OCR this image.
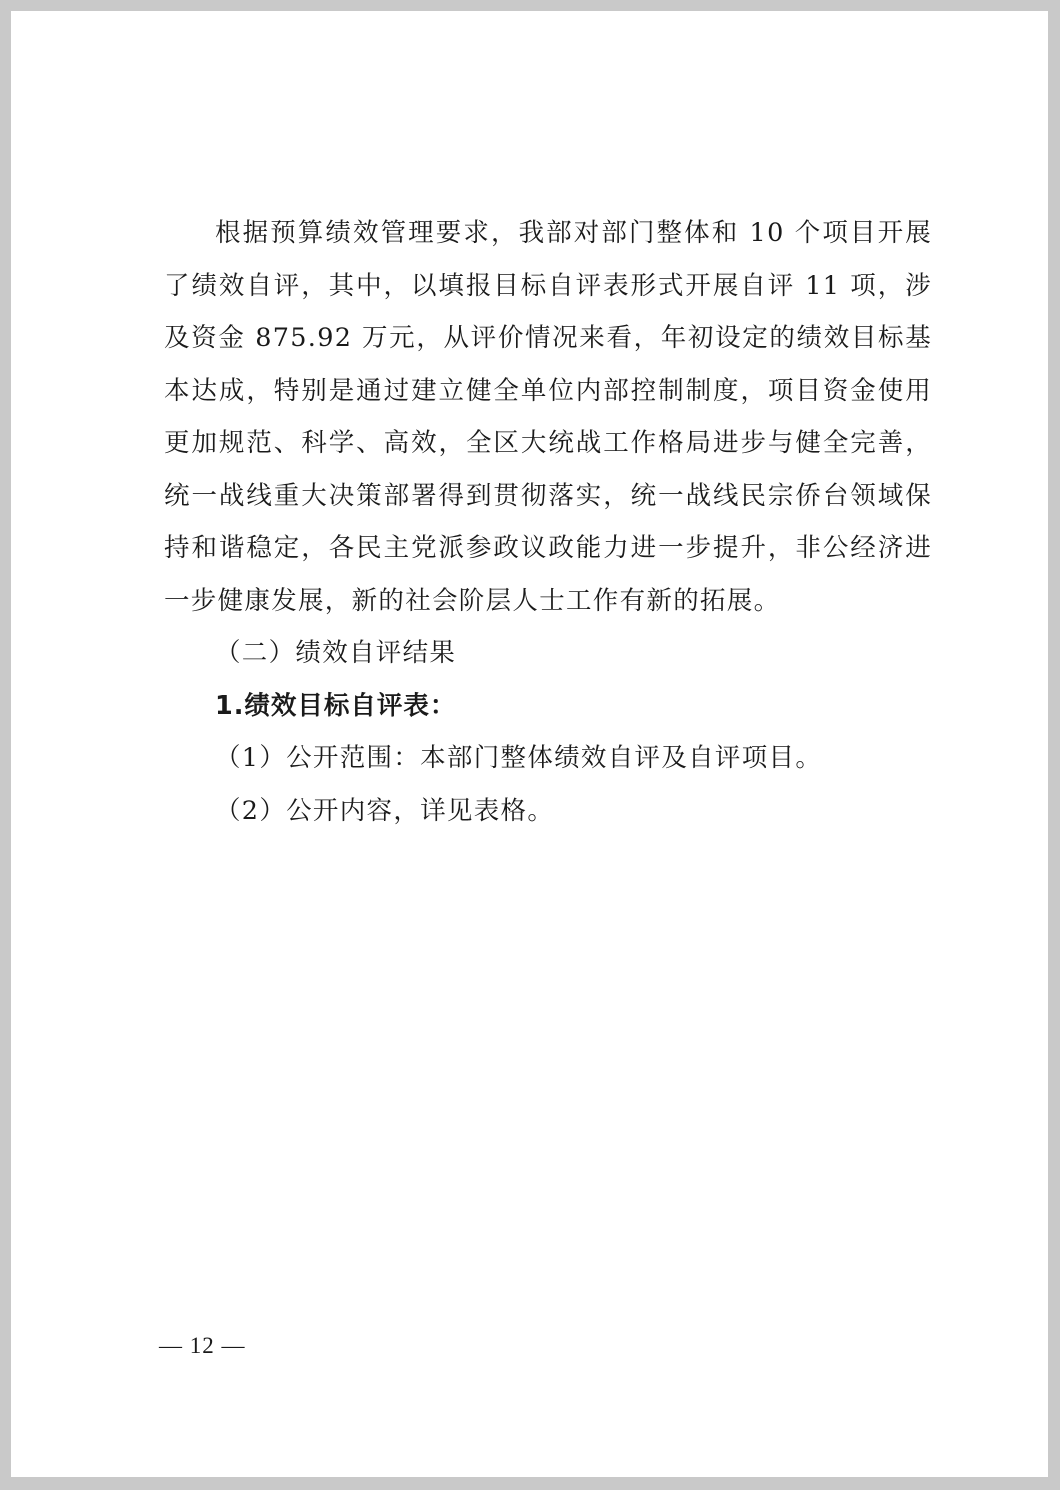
根据预算绩效管理要求，我部对部门整体和 10 个项目开展了绩效自评，其中，以填报目标自评表形式开展自评 11 项，涉及资金 875.92 万元，从评价情况来看，年初设定的绩效目标基本达成，特别是通过建立健全单位内部控制制度，项目资金使用更加规范、科学、高效，全区大统战工作格局进步与健全完善，统一战线重大决策部署得到贯彻落实，统一战线民宗侨台领域保持和谐稳定，各民主党派参政议政能力进一步提升，非公经济进一步健康发展，新的社会阶层人士工作有新的拓展。

（二）绩效自评结果

1.绩效目标自评表：

（1）公开范围：本部门整体绩效自评及自评项目。

（2）公开内容，详见表格。

— 12 —
